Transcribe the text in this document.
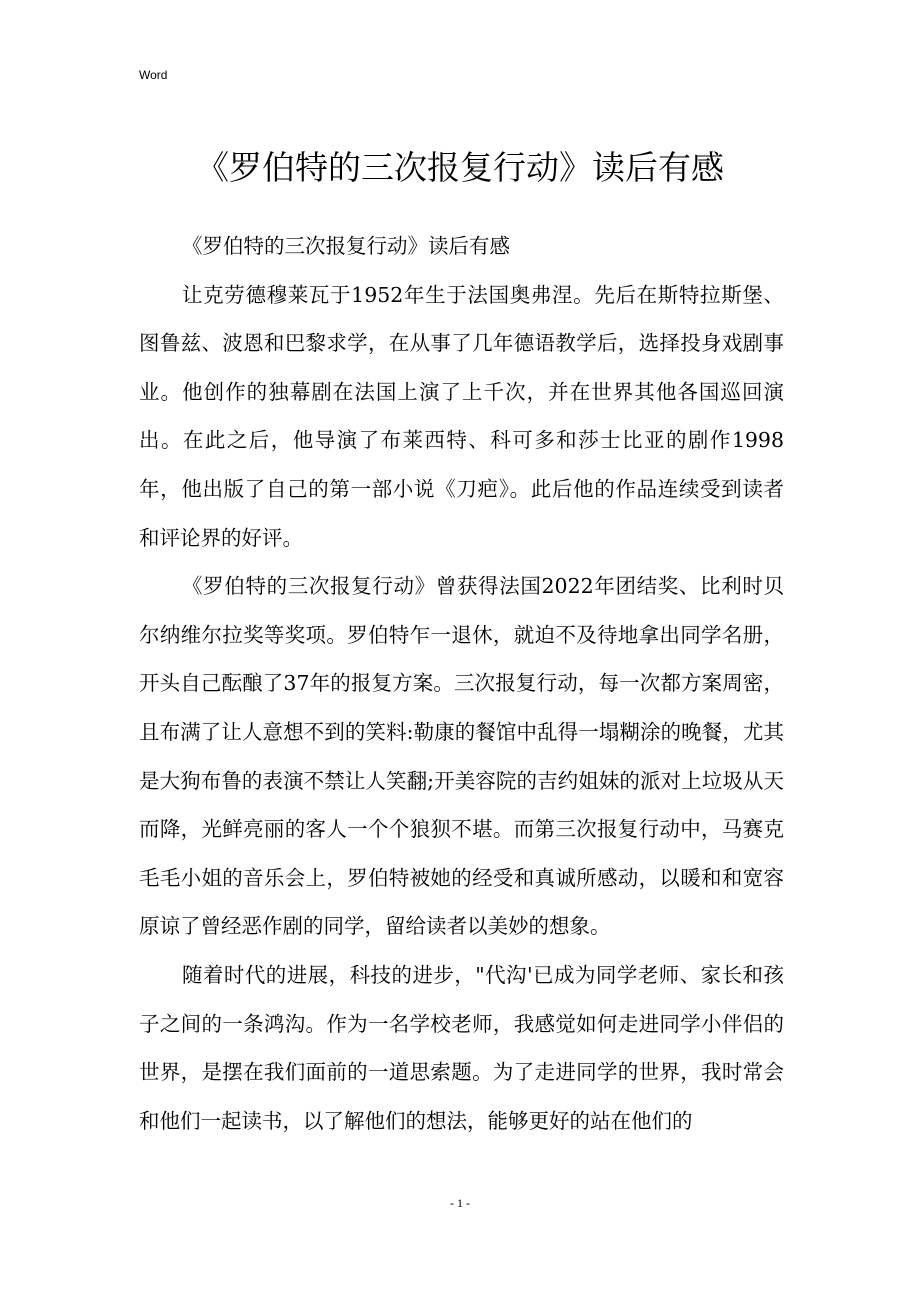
Word
《罗伯特的三次报复行动》读后有感

《罗伯特的三次报复行动》读后有感

让克劳德穆莱瓦于1952年生于法国奥弗涅。先后在斯特拉斯堡、图鲁兹、波恩和巴黎求学，在从事了几年德语教学后，选择投身戏剧事业。他创作的独幕剧在法国上演了上千次，并在世界其他各国巡回演出。在此之后，他导演了布莱西特、科可多和莎士比亚的剧作1998年，他出版了自己的第一部小说《刀疤》。此后他的作品连续受到读者和评论界的好评。

《罗伯特的三次报复行动》曾获得法国2022年团结奖、比利时贝尔纳维尔拉奖等奖项。罗伯特乍一退休，就迫不及待地拿出同学名册，开头自己酝酿了37年的报复方案。三次报复行动，每一次都方案周密，且布满了让人意想不到的笑料:勒康的餐馆中乱得一塌糊涂的晚餐，尤其是大狗布鲁的表演不禁让人笑翻;开美容院的吉约姐妹的派对上垃圾从天而降，光鲜亮丽的客人一个个狼狈不堪。而第三次报复行动中，马赛克毛毛小姐的音乐会上，罗伯特被她的经受和真诚所感动，以暖和和宽容原谅了曾经恶作剧的同学，留给读者以美妙的想象。

随着时代的进展，科技的进步，"代沟'已成为同学老师、家长和孩子之间的一条鸿沟。作为一名学校老师，我感觉如何走进同学小伴侣的世界，是摆在我们面前的一道思索题。为了走进同学的世界，我时常会和他们一起读书，以了解他们的想法，能够更好的站在他们的

- 1 -
